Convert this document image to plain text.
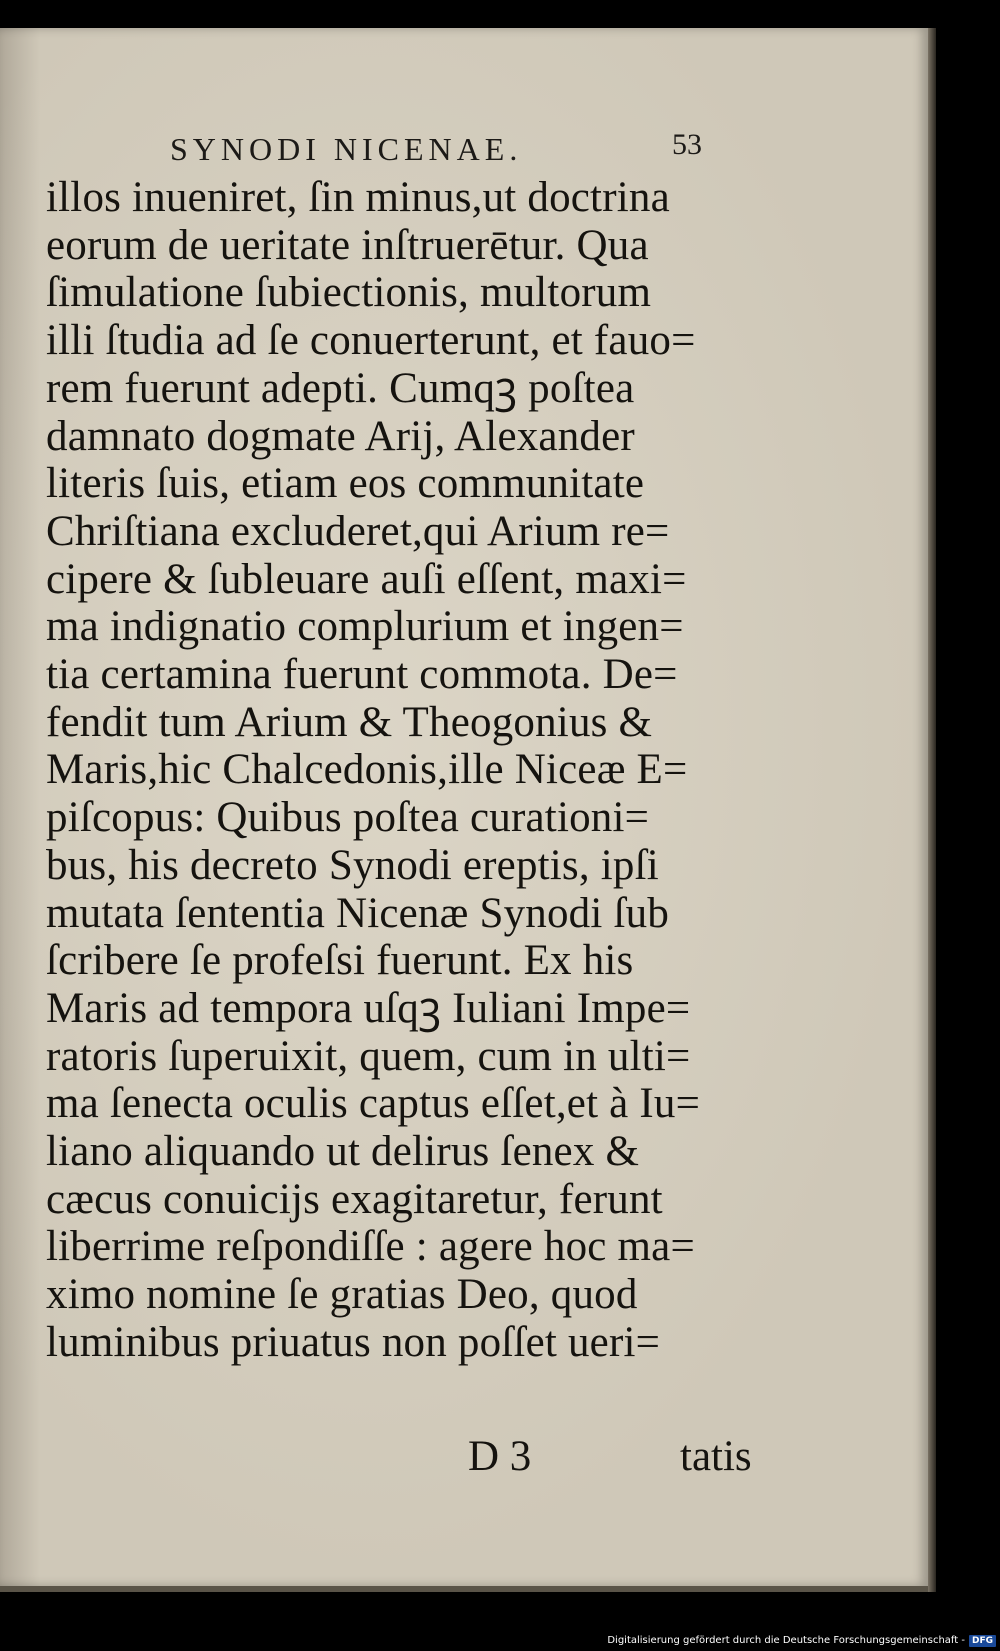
SYNODI NICENAE.	53
illos inueniret, ſin minus,ut doctrina
eorum de ueritate inſtruerētur. Qua
ſimulatione ſubiectionis, multorum
illi ſtudia ad ſe conuerterunt, et fauo=
rem fuerunt adepti. Cumqꝫ poſtea
damnato dogmate Arij, Alexander
literis ſuis, etiam eos communitate
Chriſtiana excluderet,qui Arium re=
cipere & ſubleuare auſi eſſent, maxi=
ma indignatio complurium et ingen=
tia certamina fuerunt commota. De=
fendit tum Arium & Theogonius &
Maris,hic Chalcedonis,ille Niceæ E=
piſcopus: Quibus poſtea curationi=
bus, his decreto Synodi ereptis, ipſi
mutata ſententia Nicenæ Synodi ſub
ſcribere ſe profeſsi fuerunt. Ex his
Maris ad tempora uſqꝫ Iuliani Impe=
ratoris ſuperuixit, quem, cum in ulti=
ma ſenecta oculis captus eſſet,et à Iu=
liano aliquando ut delirus ſenex &
cæcus conuicijs exagitaretur, ferunt
liberrime reſpondiſſe : agere hoc ma=
ximo nomine ſe gratias Deo, quod
luminibus priuatus non poſſet ueri=
D 3	tatis
Digitalisierung gefördert durch die Deutsche Forschungsgemeinschaft - DFG
